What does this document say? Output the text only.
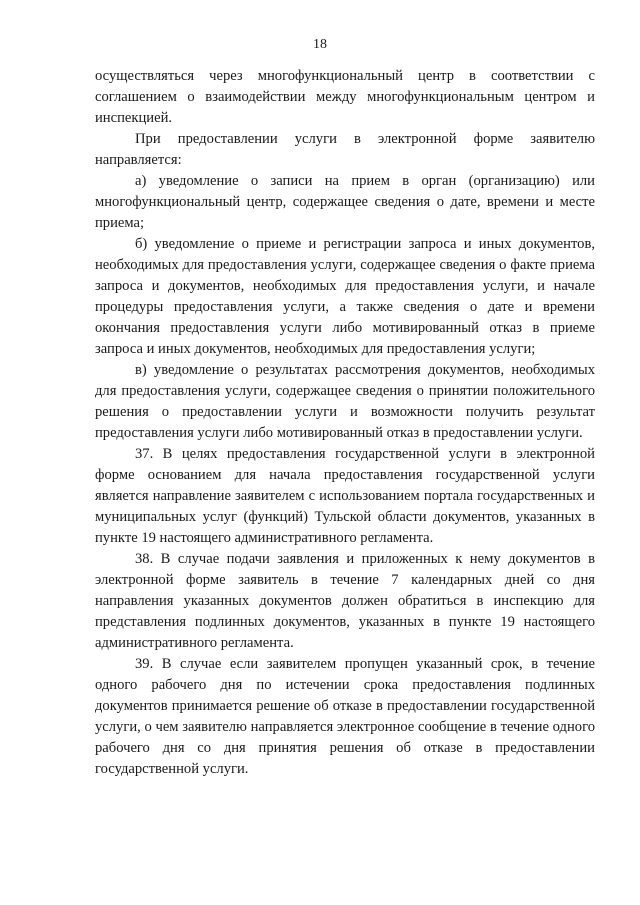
18

осуществляться через многофункциональный центр в соответствии с соглашением о взаимодействии между многофункциональным центром и инспекцией.

При предоставлении услуги в электронной форме заявителю направляется:

а) уведомление о записи на прием в орган (организацию) или многофункциональный центр, содержащее сведения о дате, времени и месте приема;

б) уведомление о приеме и регистрации запроса и иных документов, необходимых для предоставления услуги, содержащее сведения о факте приема запроса и документов, необходимых для предоставления услуги, и начале процедуры предоставления услуги, а также сведения о дате и времени окончания предоставления услуги либо мотивированный отказ в приеме запроса и иных документов, необходимых для предоставления услуги;

в) уведомление о результатах рассмотрения документов, необходимых для предоставления услуги, содержащее сведения о принятии положительного решения о предоставлении услуги и возможности получить результат предоставления услуги либо мотивированный отказ в предоставлении услуги.

37. В целях предоставления государственной услуги в электронной форме основанием для начала предоставления государственной услуги является направление заявителем с использованием портала государственных и муниципальных услуг (функций) Тульской области документов, указанных в пункте 19 настоящего административного регламента.

38. В случае подачи заявления и приложенных к нему документов в электронной форме заявитель в течение 7 календарных дней со дня направления указанных документов должен обратиться в инспекцию для представления подлинных документов, указанных в пункте 19 настоящего административного регламента.

39. В случае если заявителем пропущен указанный срок, в течение одного рабочего дня по истечении срока предоставления подлинных документов принимается решение об отказе в предоставлении государственной услуги, о чем заявителю направляется электронное сообщение в течение одного рабочего дня со дня принятия решения об отказе в предоставлении государственной услуги.
